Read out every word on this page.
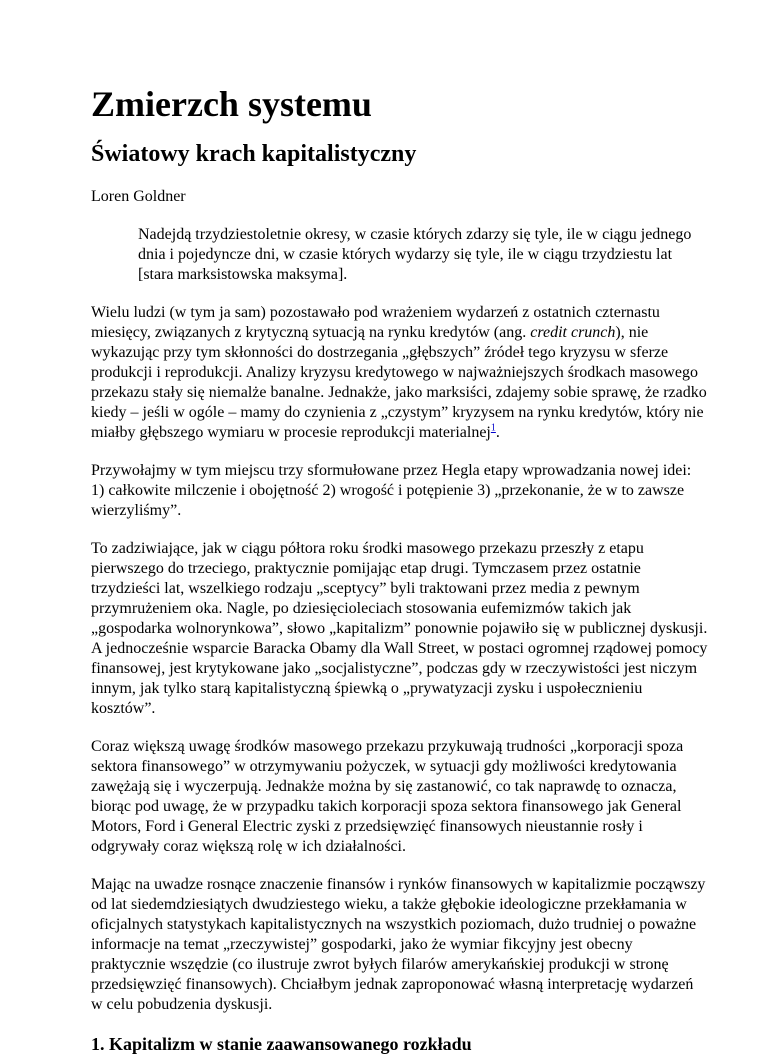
Zmierzch systemu
Światowy krach kapitalistyczny
Loren Goldner
Nadejdą trzydziestoletnie okresy, w czasie których zdarzy się tyle, ile w ciągu jednego dnia i pojedyncze dni, w czasie których wydarzy się tyle, ile w ciągu trzydziestu lat [stara marksistowska maksyma].

Wielu ludzi (w tym ja sam) pozostawało pod wrażeniem wydarzeń z ostatnich czternastu miesięcy, związanych z krytyczną sytuacją na rynku kredytów (ang. credit crunch), nie wykazując przy tym skłonności do dostrzegania „głębszych” źródeł tego kryzysu w sferze produkcji i reprodukcji. Analizy kryzysu kredytowego w najważniejszych środkach masowego przekazu stały się niemalże banalne. Jednakże, jako marksiści, zdajemy sobie sprawę, że rzadko kiedy – jeśli w ogóle – mamy do czynienia z „czystym” kryzysem na rynku kredytów, który nie miałby głębszego wymiaru w procesie reprodukcji materialnej$^1$.

Przywołajmy w tym miejscu trzy sformułowane przez Hegla etapy wprowadzania nowej idei: 1) całkowite milczenie i obojętność 2) wrogość i potępienie 3) „przekonanie, że w to zawsze wierzyliśmy”.

To zadziwiające, jak w ciągu półtora roku środki masowego przekazu przeszły z etapu pierwszego do trzeciego, praktycznie pomijając etap drugi. Tymczasem przez ostatnie trzydzieści lat, wszelkiego rodzaju „sceptycy” byli traktowani przez media z pewnym przymrużeniem oka. Nagle, po dziesięcioleciach stosowania eufemizmów takich jak „gospodarka wolnorynkowa”, słowo „kapitalizm” ponownie pojawiło się w publicznej dyskusji. A jednocześnie wsparcie Baracka Obamy dla Wall Street, w postaci ogromnej rządowej pomocy finansowej, jest krytykowane jako „socjalistyczne”, podczas gdy w rzeczywistości jest niczym innym, jak tylko starą kapitalistyczną śpiewką o „prywatyzacji zysku i uspołecznieniu kosztów”.

Coraz większą uwagę środków masowego przekazu przykuwają trudności „korporacji spoza sektora finansowego” w otrzymywaniu pożyczek, w sytuacji gdy możliwości kredytowania zawężają się i wyczerpują. Jednakże można by się zastanowić, co tak naprawdę to oznacza, biorąc pod uwagę, że w przypadku takich korporacji spoza sektora finansowego jak General Motors, Ford i General Electric zyski z przedsięwzięć finansowych nieustannie rosły i odgrywały coraz większą rolę w ich działalności.

Mając na uwadze rosnące znaczenie finansów i rynków finansowych w kapitalizmie począwszy od lat siedemdziesiątych dwudziestego wieku, a także głębokie ideologiczne przekłamania w oficjalnych statystykach kapitalistycznych na wszystkich poziomach, dużo trudniej o poważne informacje na temat „rzeczywistej” gospodarki, jako że wymiar fikcyjny jest obecny praktycznie wszędzie (co ilustruje zwrot byłych filarów amerykańskiej produkcji w stronę przedsięwzięć finansowych). Chciałbym jednak zaproponować własną interpretację wydarzeń w celu pobudzenia dyskusji.

1. Kapitalizm w stanie zaawansowanego rozkładu
